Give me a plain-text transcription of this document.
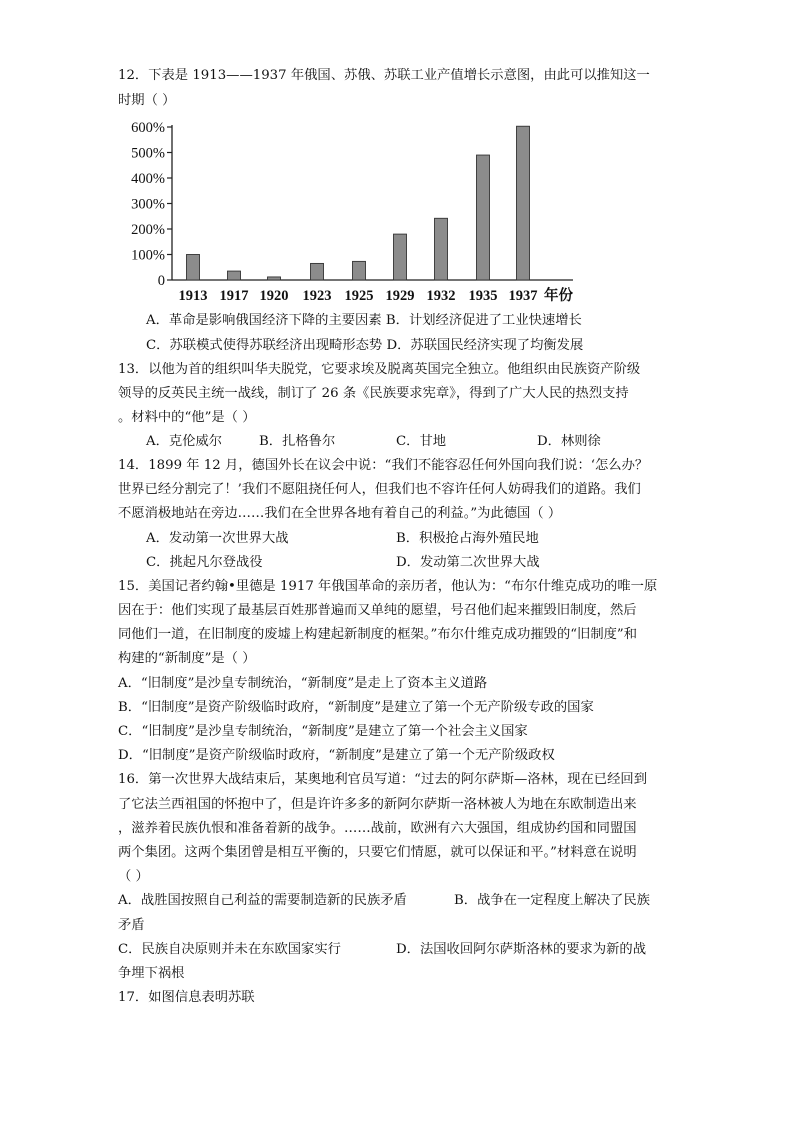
12．下表是 1913——1937 年俄国、苏俄、苏联工业产值增长示意图，由此可以推知这一
时期（ ）
0
100%
200%
300%
400%
500%
600%
1913 1917 1920 1923 1925 1929 1932 1935 1937 年份
A．革命是影响俄国经济下降的主要因素 B．计划经济促进了工业快速增长
C．苏联模式使得苏联经济出现畸形态势 D．苏联国民经济实现了均衡发展
13．以他为首的组织叫华夫脱党，它要求埃及脱离英国完全独立。他组织由民族资产阶级
领导的反英民主统一战线，制订了 26 条《民族要求宪章》，得到了广大人民的热烈支持
。材料中的“他”是（ ）
A．克伦威尔	B．扎格鲁尔	C．甘地	D．林则徐
14．1899 年 12 月，德国外长在议会中说：“我们不能容忍任何外国向我们说：‘怎么办？
世界已经分割完了！’我们不愿阻挠任何人，但我们也不容许任何人妨碍我们的道路。我们
不愿消极地站在旁边……我们在全世界各地有着自己的利益。”为此德国（ ）
A．发动第一次世界大战	B．积极抢占海外殖民地
C．挑起凡尔登战役	D．发动第二次世界大战
15．美国记者约翰•里德是 1917 年俄国革命的亲历者，他认为：“布尔什维克成功的唯一原
因在于：他们实现了最基层百姓那普遍而又单纯的愿望，号召他们起来摧毁旧制度，然后
同他们一道，在旧制度的废墟上构建起新制度的框架。”布尔什维克成功摧毁的“旧制度”和
构建的“新制度”是（ ）
A．“旧制度”是沙皇专制统治，“新制度”是走上了资本主义道路
B．“旧制度”是资产阶级临时政府，“新制度”是建立了第一个无产阶级专政的国家
C．“旧制度”是沙皇专制统治，“新制度”是建立了第一个社会主义国家
D．“旧制度”是资产阶级临时政府，“新制度”是建立了第一个无产阶级政权
16．第一次世界大战结束后，某奥地利官员写道：“过去的阿尔萨斯—洛林，现在已经回到
了它法兰西祖国的怀抱中了，但是许许多多的新阿尔萨斯一洛林被人为地在东欧制造出来
，滋养着民族仇恨和准备着新的战争。……战前，欧洲有六大强国，组成协约国和同盟国
两个集团。这两个集团曾是相互平衡的，只要它们情愿，就可以保证和平。”材料意在说明
（ ）
A．战胜国按照自己利益的需要制造新的民族矛盾	B．战争在一定程度上解决了民族
矛盾
C．民族自决原则并未在东欧国家实行	D．法国收回阿尔萨斯洛林的要求为新的战
争埋下祸根
17．如图信息表明苏联
